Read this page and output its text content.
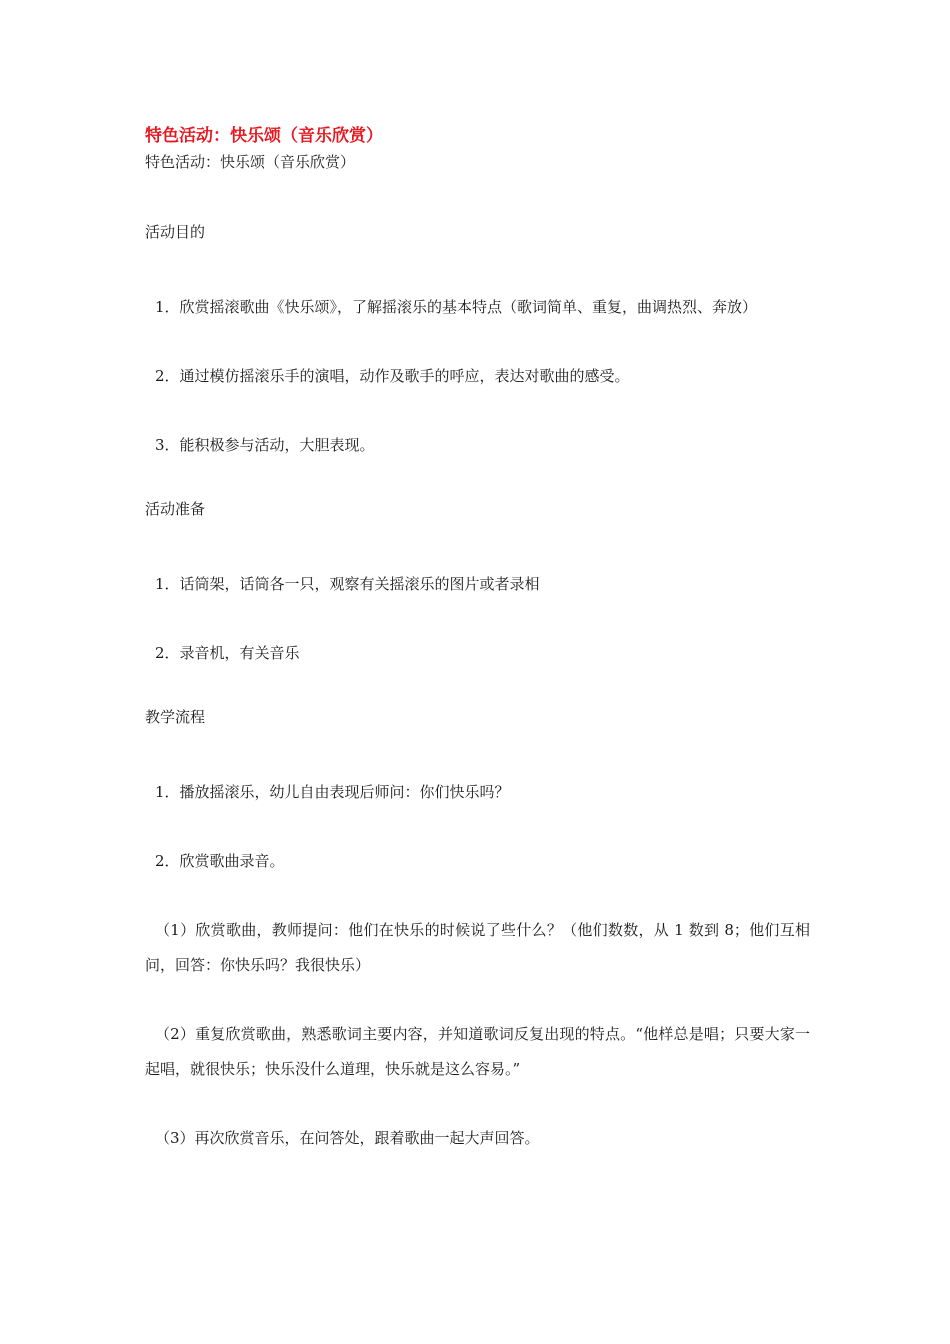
特色活动：快乐颂（音乐欣赏）

特色活动：快乐颂（音乐欣赏）

活动目的

1．欣赏摇滚歌曲《快乐颂》，了解摇滚乐的基本特点（歌词简单、重复，曲调热烈、奔放）

2．通过模仿摇滚乐手的演唱，动作及歌手的呼应，表达对歌曲的感受。

3．能积极参与活动，大胆表现。

活动准备

1．话筒架，话筒各一只，观察有关摇滚乐的图片或者录相

2．录音机，有关音乐

教学流程

1．播放摇滚乐，幼儿自由表现后师问：你们快乐吗？

2．欣赏歌曲录音。

（1）欣赏歌曲，教师提问：他们在快乐的时候说了些什么？（他们数数，从 1 数到 8；他们互相问，回答：你快乐吗？我很快乐）

（2）重复欣赏歌曲，熟悉歌词主要内容，并知道歌词反复出现的特点。“他样总是唱；只要大家一起唱，就很快乐；快乐没什么道理，快乐就是这么容易。”

（3）再次欣赏音乐，在问答处，跟着歌曲一起大声回答。
